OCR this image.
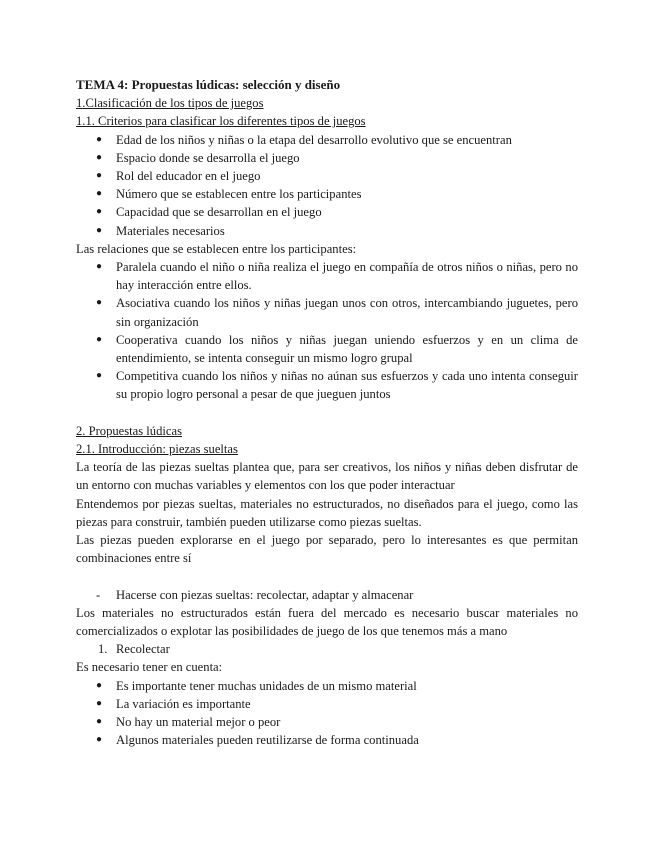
TEMA 4: Propuestas lúdicas: selección y diseño
1.Clasificación de los tipos de juegos
1.1. Criterios para clasificar los diferentes tipos de juegos
● Edad de los niños y niñas o la etapa del desarrollo evolutivo que se encuentran
● Espacio donde se desarrolla el juego
● Rol del educador en el juego
● Número que se establecen entre los participantes
● Capacidad que se desarrollan en el juego
● Materiales necesarios
Las relaciones que se establecen entre los participantes:
● Paralela cuando el niño o niña realiza el juego en compañía de otros niños o niñas, pero no hay interacción entre ellos.
● Asociativa cuando los niños y niñas juegan unos con otros, intercambiando juguetes, pero sin organización
● Cooperativa cuando los niños y niñas juegan uniendo esfuerzos y en un clima de entendimiento, se intenta conseguir un mismo logro grupal
● Competitiva cuando los niños y niñas no aúnan sus esfuerzos y cada uno intenta conseguir su propio logro personal a pesar de que jueguen juntos
2. Propuestas lúdicas
2.1. Introducción: piezas sueltas
La teoría de las piezas sueltas plantea que, para ser creativos, los niños y niñas deben disfrutar de un entorno con muchas variables y elementos con los que poder interactuar
Entendemos por piezas sueltas, materiales no estructurados, no diseñados para el juego, como las piezas para construir, también pueden utilizarse como piezas sueltas.
Las piezas pueden explorarse en el juego por separado, pero lo interesantes es que permitan combinaciones entre sí
- Hacerse con piezas sueltas: recolectar, adaptar y almacenar
Los materiales no estructurados están fuera del mercado es necesario buscar materiales no comercializados o explotar las posibilidades de juego de los que tenemos más a mano
1. Recolectar
Es necesario tener en cuenta:
● Es importante tener muchas unidades de un mismo material
● La variación es importante
● No hay un material mejor o peor
● Algunos materiales pueden reutilizarse de forma continuada
